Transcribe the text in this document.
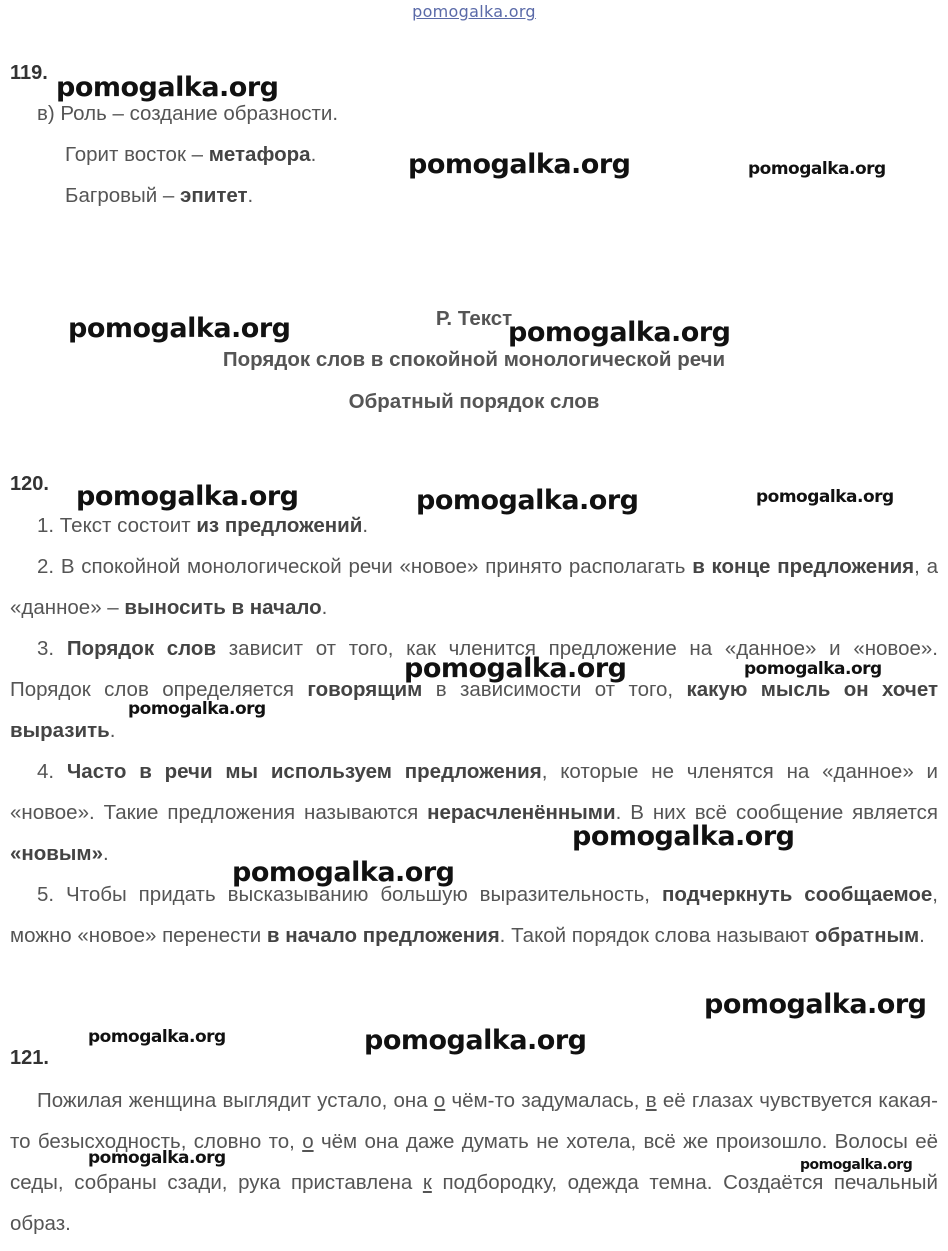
pomogalka.org
119.
в) Роль – создание образности.
Горит восток – метафора.
Багровый – эпитет.
Р. Текст
Порядок слов в спокойной монологической речи
Обратный порядок слов
120.
1. Текст состоит из предложений.
2. В спокойной монологической речи «новое» принято располагать в конце предложения, а «данное» – выносить в начало.
3. Порядок слов зависит от того, как членится предложение на «данное» и «новое». Порядок слов определяется говорящим в зависимости от того, какую мысль он хочет выразить.
4. Часто в речи мы используем предложения, которые не членятся на «данное» и «новое». Такие предложения называются нерасчленёнными. В них всё сообщение является «новым».
5. Чтобы придать высказыванию большую выразительность, подчеркнуть сообщаемое, можно «новое» перенести в начало предложения. Такой порядок слова называют обратным.
121.
Пожилая женщина выглядит устало, она о чём-то задумалась, в её глазах чувствуется какая-то безысходность, словно то, о чём она даже думать не хотела, всё же произошло. Волосы её седы, собраны сзади, рука приставлена к подбородку, одежда темна. Создаётся печальный образ.
pomogalka.org
pomogalka.org	pomogalka.org
pomogalka.org	pomogalka.org
pomogalka.org	pomogalka.org	pomogalka.org
pomogalka.org	pomogalka.org
pomogalka.org
pomogalka.org
pomogalka.org
pomogalka.org
pomogalka.org	pomogalka.org
pomogalka.org	pomogalka.org
